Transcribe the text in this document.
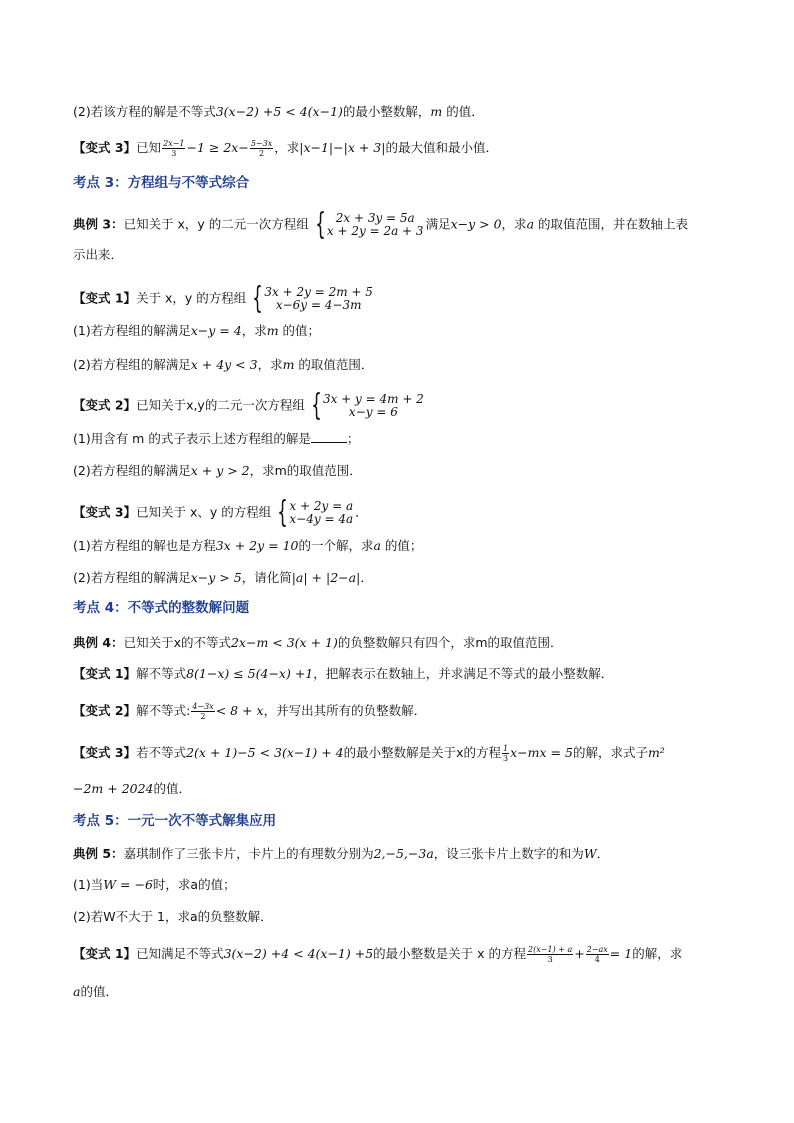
(2)若该方程的解是不等式3(x−2) +5 < 4(x−1)的最小整数解，m 的值．
【变式 3】已知 $\frac{2x-1}{3} -1 \ge 2x- \frac{5-3x}{2}$ ，求|x−1|−|x + 3|的最大值和最小值．
考点 3：方程组与不等式综合
典例 3：已知关于 x，y 的二元一次方程组 { 2x + 3y = 5a
x + 2y = 2a + 3 满足x−y > 0，求a 的取值范围，并在数轴上表
示出来．
【变式 1】关于 x，y 的方程组 { 3x + 2y = 2m + 5
x−6y = 4−3m
(1)若方程组的解满足x−y = 4，求m 的值；
(2)若方程组的解满足x + 4y < 3，求m 的取值范围．
【变式 2】已知关于x,y的二元一次方程组 { 3x + y = 4m + 2
x−y = 6
(1)用含有 m 的式子表示上述方程组的解是	；
(2)若方程组的解满足x + y > 2，求m的取值范围．
【变式 3】已知关于 x、y 的方程组 { x + 2y = a
x−4y = 4a ．
(1)若方程组的解也是方程3x + 2y = 10的一个解，求a 的值；
(2)若方程组的解满足x−y > 5，请化简|a| + |2−a|．
考点 4：不等式的整数解问题
典例 4：已知关于x的不等式2x−m < 3(x + 1)的负整数解只有四个，求m的取值范围．
【变式 1】解不等式8(1−x) ≤ 5(4−x) +1，把解表示在数轴上，并求满足不等式的最小整数解．
【变式 2】解不等式: $\frac{4-3x}{2} < 8 + x$，并写出其所有的负整数解．
【变式 3】若不等式2(x + 1)−5 < 3(x−1) + 4的最小整数解是关于x的方程 $\frac{1}{3} x-mx = 5$的解，求式子m²
−2m + 2024的值．
考点 5：一元一次不等式解集应用
典例 5：嘉琪制作了三张卡片，卡片上的有理数分别为2,−5,−3a，设三张卡片上数字的和为W．
(1)当W = −6时，求a的值；
(2)若W不大于 1，求a的负整数解．
【变式 1】已知满足不等式3(x−2) +4 < 4(x−1) +5的最小整数是关于 x 的方程 $\frac{2(x-1) + a}{3} + \frac{2-ax}{4} = 1$的解，求
a的值．
